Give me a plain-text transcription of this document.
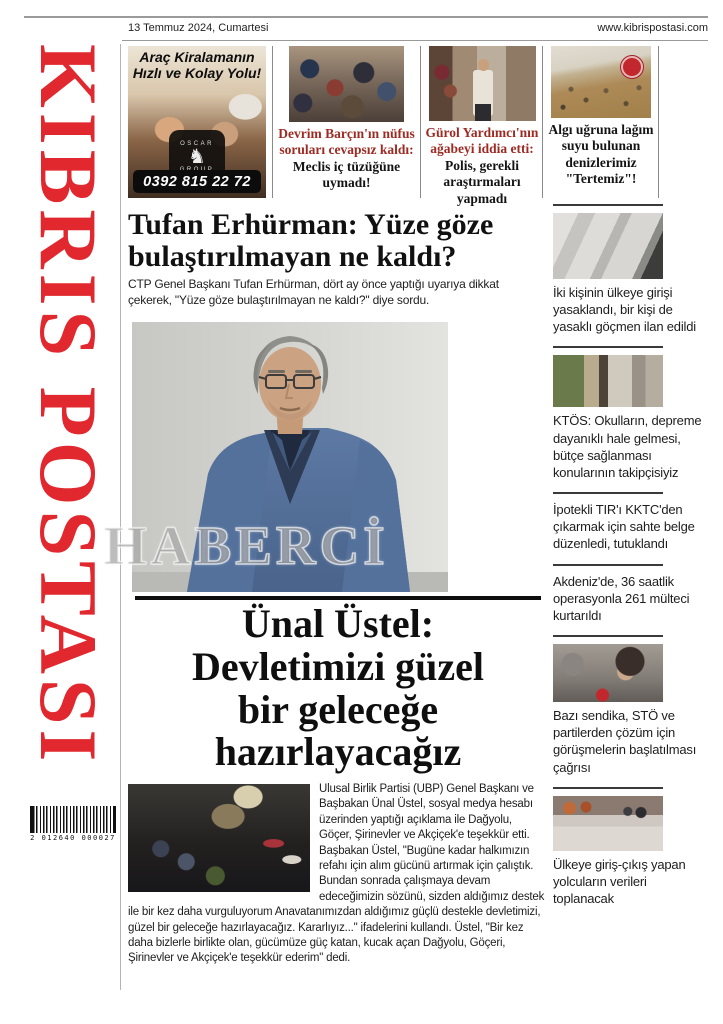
13 Temmuz 2024, Cumartesi	www.kibrispostasi.com
KIBRIS POSTASI
2 012640 000027
Araç Kiralamanın Hızlı ve Kolay Yolu!
OSCAR
♞
0392 815 22 72
Devrim Barçın'ın nüfus soruları cevapsız kaldı: Meclis iç tüzüğüne uymadı!
Gürol Yardımcı'nın ağabeyi iddia etti: Polis, gerekli araştırmaları yapmadı
Algı uğruna lağım suyu bulunan denizlerimiz "Tertemiz"!
Tufan Erhürman: Yüze göze
bulaştırılmayan ne kaldı?
CTP Genel Başkanı Tufan Erhürman, dört ay önce yaptığı uyarıya dikkat çekerek, "Yüze göze bulaştırılmayan ne kaldı?" diye sordu.
HABERCİ
Ünal Üstel:
Devletimizi güzel
bir geleceğe
hazırlayacağız
Ulusal Birlik Partisi (UBP) Genel Başkanı ve Başbakan Ünal Üstel, sosyal medya hesabı üzerinden yaptığı açıklama ile Dağyolu, Göçer, Şirinevler ve Akçiçek'e teşekkür etti. Başbakan Üstel, "Bugüne kadar halkımızın refahı için alım gücünü artırmak için çalıştık. Bundan sonrada çalışmaya devam edeceğimizin sözünü, sizden aldığımız destek ile bir kez daha vurguluyorum Anavatanımızdan aldığımız güçlü destekle devletimizi, güzel bir geleceğe hazırlayacağız. Kararlıyız..." ifadelerini kullandı. Üstel, "Bir kez daha bizlerle birlikte olan, gücümüze güç katan, kucak açan Dağyolu, Göçeri, Şirinevler ve Akçiçek'e teşekkür ederim" dedi.
İki kişinin ülkeye girişi yasaklandı, bir kişi de yasaklı göçmen ilan edildi
KTÖS: Okulların, depreme dayanıklı hale gelmesi, bütçe sağlanması konularının takipçisiyiz
İpotekli TIR'ı KKTC'den çıkarmak için sahte belge düzenledi, tutuklandı
Akdeniz'de, 36 saatlik operasyonla 261 mülteci kurtarıldı
Bazı sendika, STÖ ve partilerden çözüm için görüşmelerin başlatılması çağrısı
Ülkeye giriş-çıkış yapan yolcuların verileri toplanacak
